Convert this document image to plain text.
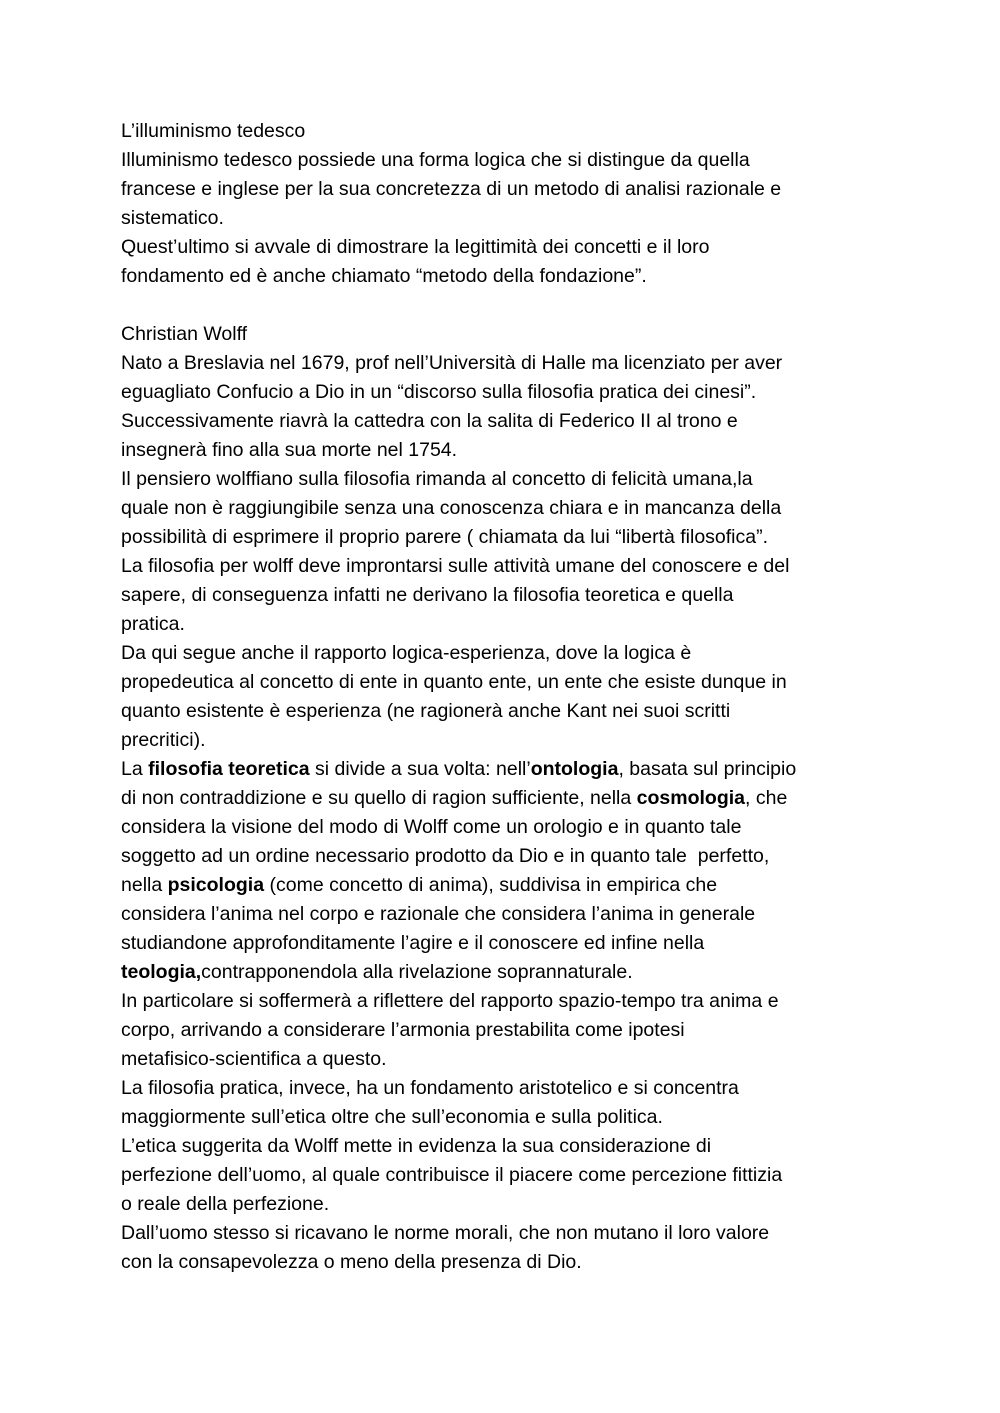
L’illuminismo tedesco
Illuminismo tedesco possiede una forma logica che si distingue da quella
francese e inglese per la sua concretezza di un metodo di analisi razionale e
sistematico.
Quest’ultimo si avvale di dimostrare la legittimità dei concetti e il loro
fondamento ed è anche chiamato “metodo della fondazione”.
Christian Wolff
Nato a Breslavia nel 1679, prof nell’Università di Halle ma licenziato per aver
eguagliato Confucio a Dio in un “discorso sulla filosofia pratica dei cinesi”.
Successivamente riavrà la cattedra con la salita di Federico II al trono e
insegnerà fino alla sua morte nel 1754.
Il pensiero wolffiano sulla filosofia rimanda al concetto di felicità umana,la
quale non è raggiungibile senza una conoscenza chiara e in mancanza della
possibilità di esprimere il proprio parere ( chiamata da lui “libertà filosofica”.
La filosofia per wolff deve improntarsi sulle attività umane del conoscere e del
sapere, di conseguenza infatti ne derivano la filosofia teoretica e quella
pratica.
Da qui segue anche il rapporto logica-esperienza, dove la logica è
propedeutica al concetto di ente in quanto ente, un ente che esiste dunque in
quanto esistente è esperienza (ne ragionerà anche Kant nei suoi scritti
precritici).
La filosofia teoretica si divide a sua volta: nell’ontologia, basata sul principio
di non contraddizione e su quello di ragion sufficiente, nella cosmologia, che
considera la visione del modo di Wolff come un orologio e in quanto tale
soggetto ad un ordine necessario prodotto da Dio e in quanto tale  perfetto,
nella psicologia (come concetto di anima), suddivisa in empirica che
considera l’anima nel corpo e razionale che considera l’anima in generale
studiandone approfonditamente l’agire e il conoscere ed infine nella
teologia,contrapponendola alla rivelazione soprannaturale.
In particolare si soffermerà a riflettere del rapporto spazio-tempo tra anima e
corpo, arrivando a considerare l’armonia prestabilita come ipotesi
metafisico-scientifica a questo.
La filosofia pratica, invece, ha un fondamento aristotelico e si concentra
maggiormente sull’etica oltre che sull’economia e sulla politica.
L’etica suggerita da Wolff mette in evidenza la sua considerazione di
perfezione dell’uomo, al quale contribuisce il piacere come percezione fittizia
o reale della perfezione.
Dall’uomo stesso si ricavano le norme morali, che non mutano il loro valore
con la consapevolezza o meno della presenza di Dio.
